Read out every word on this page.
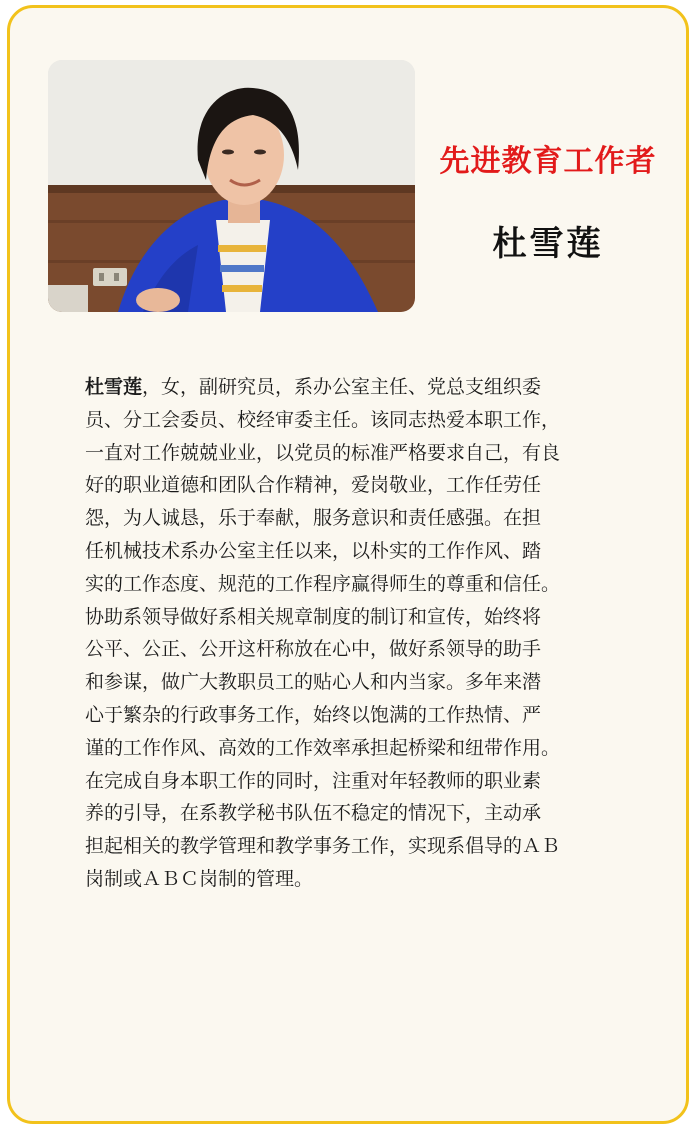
先进教育工作者
杜雪莲
杜雪莲，女，副研究员，系办公室主任、党总支组织委
员、分工会委员、校经审委主任。该同志热爱本职工作，
一直对工作兢兢业业，以党员的标准严格要求自己，有良
好的职业道德和团队合作精神，爱岗敬业，工作任劳任
怨，为人诚恳，乐于奉献，服务意识和责任感强。在担
任机械技术系办公室主任以来，以朴实的工作作风、踏
实的工作态度、规范的工作程序赢得师生的尊重和信任。
协助系领导做好系相关规章制度的制订和宣传，始终将
公平、公正、公开这杆称放在心中，做好系领导的助手
和参谋，做广大教职员工的贴心人和内当家。多年来潜
心于繁杂的行政事务工作，始终以饱满的工作热情、严
谨的工作作风、高效的工作效率承担起桥梁和纽带作用。
在完成自身本职工作的同时，注重对年轻教师的职业素
养的引导，在系教学秘书队伍不稳定的情况下，主动承
担起相关的教学管理和教学事务工作，实现系倡导的ＡＢ
岗制或ＡＢＣ岗制的管理。
